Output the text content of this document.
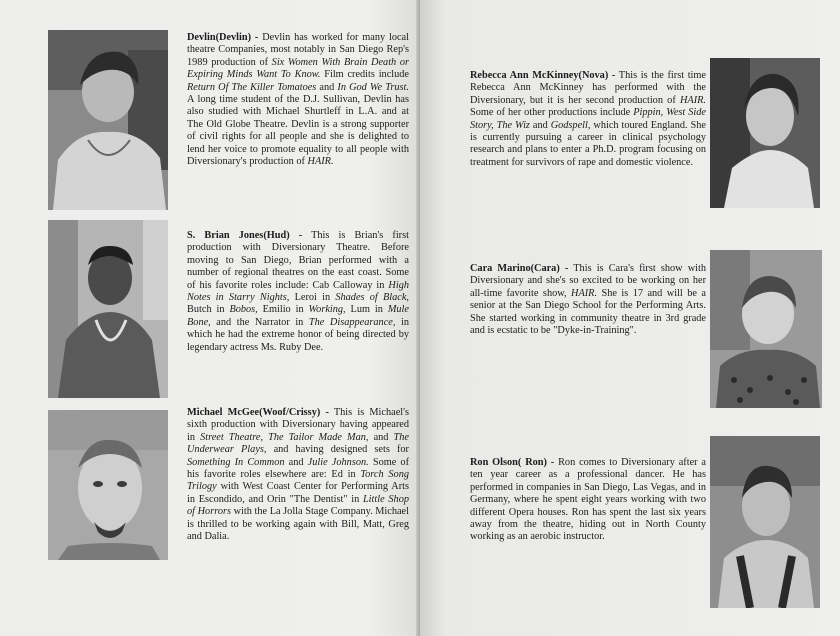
Devlin(Devlin) - Devlin has worked for many local theatre Companies, most notably in San Diego Rep's 1989 production of Six Women With Brain Death or Expiring Minds Want To Know. Film credits include Return Of The Killer Tomatoes and In God We Trust. A long time student of the D.J. Sullivan, Devlin has also studied with Michael Shurtleff in L.A. and at The Old Globe Theatre. Devlin is a strong supporter of civil rights for all people and she is delighted to lend her voice to promote equality to all people with Diversionary's production of HAIR.
S. Brian Jones(Hud) - This is Brian's first production with Diversionary Theatre. Before moving to San Diego, Brian performed with a number of regional theatres on the east coast. Some of his favorite roles include: Cab Calloway in High Notes in Starry Nights, Leroi in Shades of Black, Butch in Bobos, Emilio in Working, Lum in Mule Bone, and the Narrator in The Disappearance, in which he had the extreme honor of being directed by legendary actress Ms. Ruby Dee.
Michael McGee(Woof/Crissy) - This is Michael's sixth production with Diversionary having appeared in Street Theatre, The Tailor Made Man, and The Underwear Plays, and having designed sets for Something In Common and Julie Johnson. Some of his favorite roles elsewhere are: Ed in Torch Song Trilogy with West Coast Center for Performing Arts in Escondido, and Orin "The Dentist" in Little Shop of Horrors with the La Jolla Stage Company. Michael is thrilled to be working again with Bill, Matt, Greg and Dalia.
Rebecca Ann McKinney(Nova) - This is the first time Rebecca Ann McKinney has performed with the Diversionary, but it is her second production of HAIR. Some of her other productions include Pippin, West Side Story, The Wiz and Godspell, which toured England. She is currently pursuing a career in clinical psychology research and plans to enter a Ph.D. program focusing on treatment for survivors of rape and domestic violence.
Cara Marino(Cara) - This is Cara's first show with Diversionary and she's so excited to be working on her all-time favorite show, HAIR. She is 17 and will be a senior at the San Diego School for the Performing Arts. She started working in community theatre in 3rd grade and is ecstatic to be "Dyke-in-Training".
Ron Olson( Ron) - Ron comes to Diversionary after a ten year career as a professional dancer. He has performed in companies in San Diego, Las Vegas, and in Germany, where he spent eight years working with two different Opera houses. Ron has spent the last six years away from the theatre, hiding out in North County working as an aerobic instructor.
